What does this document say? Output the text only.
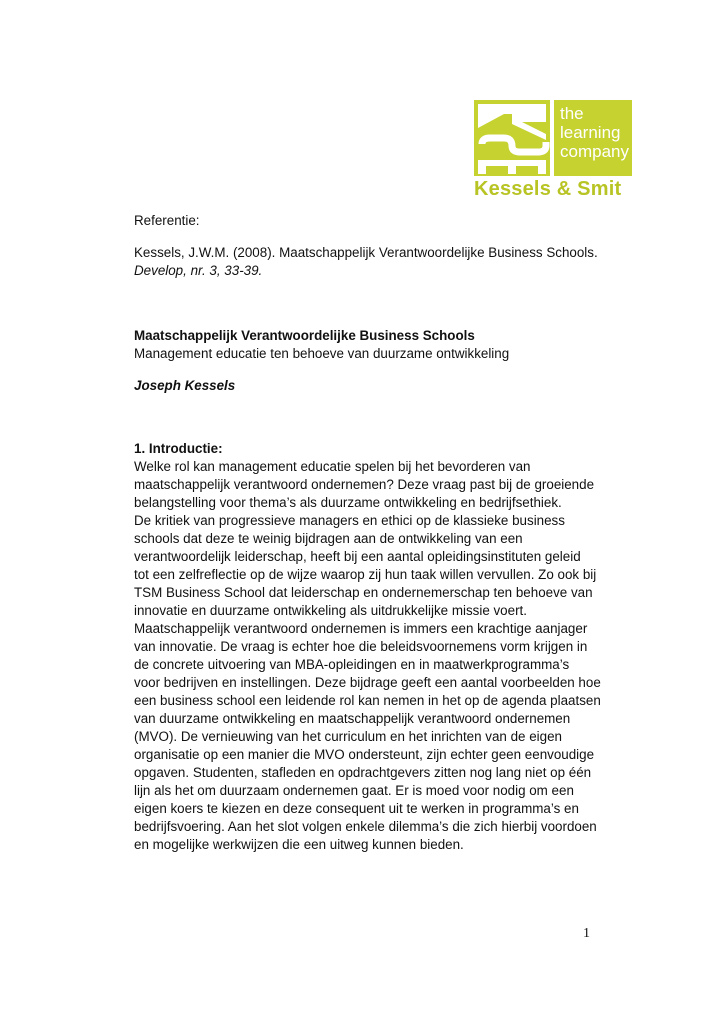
the
learning
company
Kessels & Smit

Referentie:

Kessels, J.W.M. (2008). Maatschappelijk Verantwoordelijke Business Schools.

Develop, nr. 3, 33-39.

Maatschappelijk Verantwoordelijke Business Schools

Management educatie ten behoeve van duurzame ontwikkeling

Joseph Kessels

1. Introductie:

Welke rol kan management educatie spelen bij het bevorderen van

maatschappelijk verantwoord ondernemen? Deze vraag past bij de groeiende

belangstelling voor thema’s als duurzame ontwikkeling en bedrijfsethiek.

De kritiek van progressieve managers en ethici op de klassieke business

schools dat deze te weinig bijdragen aan de ontwikkeling van een

verantwoordelijk leiderschap, heeft bij een aantal opleidingsinstituten geleid

tot een zelfreflectie op de wijze waarop zij hun taak willen vervullen. Zo ook bij

TSM Business School dat leiderschap en ondernemerschap ten behoeve van

innovatie en duurzame ontwikkeling als uitdrukkelijke missie voert.

Maatschappelijk verantwoord ondernemen is immers een krachtige aanjager

van innovatie. De vraag is echter hoe die beleidsvoornemens vorm krijgen in

de concrete uitvoering van MBA-opleidingen en in maatwerkprogramma’s

voor bedrijven en instellingen. Deze bijdrage geeft een aantal voorbeelden hoe

een business school een leidende rol kan nemen in het op de agenda plaatsen

van duurzame ontwikkeling en maatschappelijk verantwoord ondernemen

(MVO). De vernieuwing van het curriculum en het inrichten van de eigen

organisatie op een manier die MVO ondersteunt, zijn echter geen eenvoudige

opgaven. Studenten, stafleden en opdrachtgevers zitten nog lang niet op één

lijn als het om duurzaam ondernemen gaat. Er is moed voor nodig om een

eigen koers te kiezen en deze consequent uit te werken in programma’s en

bedrijfsvoering. Aan het slot volgen enkele dilemma’s die zich hierbij voordoen

en mogelijke werkwijzen die een uitweg kunnen bieden.

1
